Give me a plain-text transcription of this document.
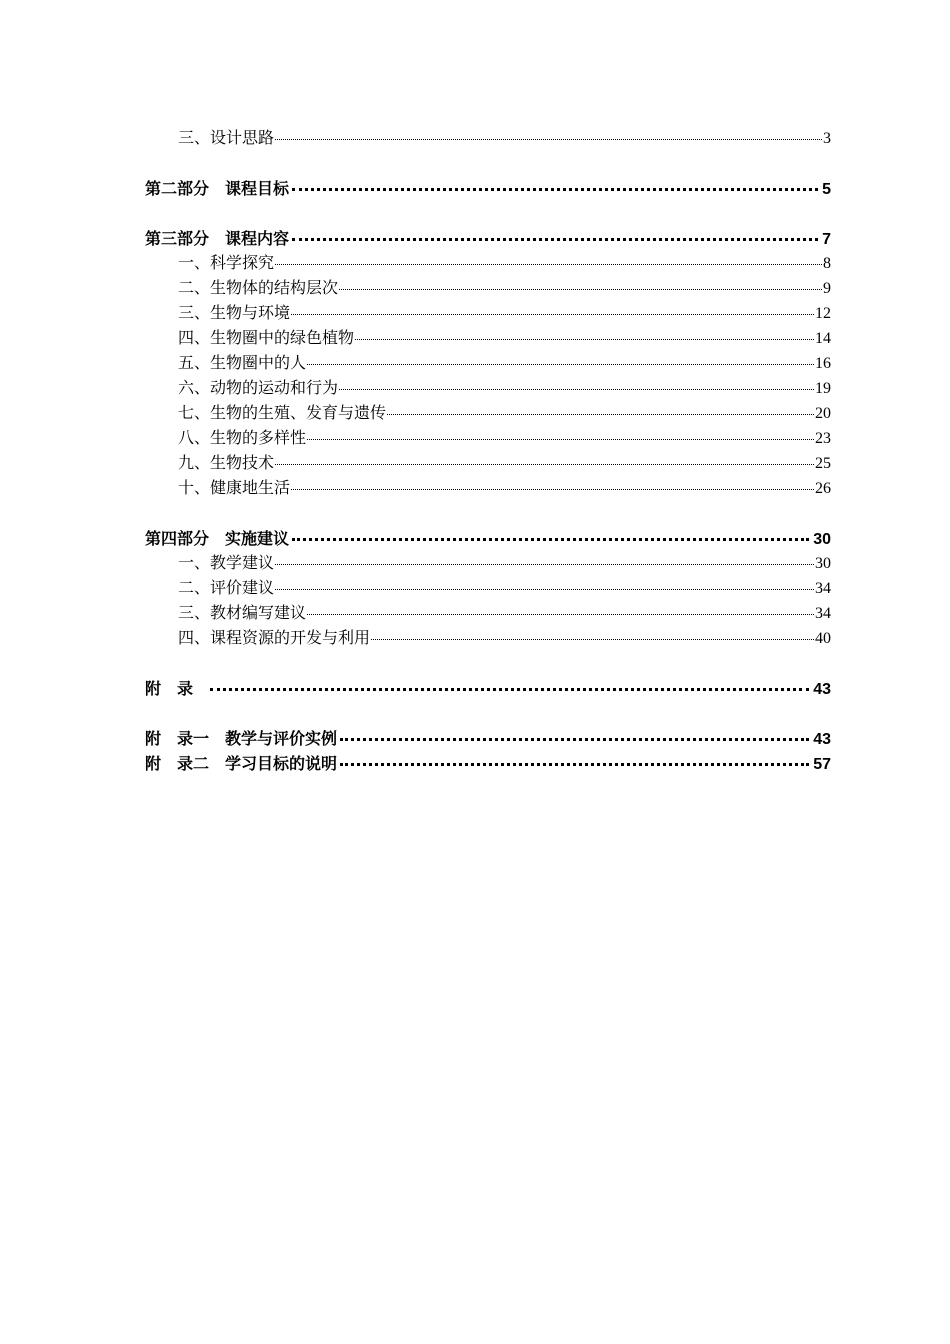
三、设计思路	3
第二部分　课程目标	5
第三部分　课程内容	7
一、科学探究	8
二、生物体的结构层次	9
三、生物与环境	12
四、生物圈中的绿色植物	14
五、生物圈中的人	16
六、动物的运动和行为	19
七、生物的生殖、发育与遗传	20
八、生物的多样性	23
九、生物技术	25
十、健康地生活	26
第四部分　实施建议	30
一、教学建议	30
二、评价建议	34
三、教材编写建议	34
四、课程资源的开发与利用	40
附　录	43
附　录一　教学与评价实例	43
附　录二　学习目标的说明	57
